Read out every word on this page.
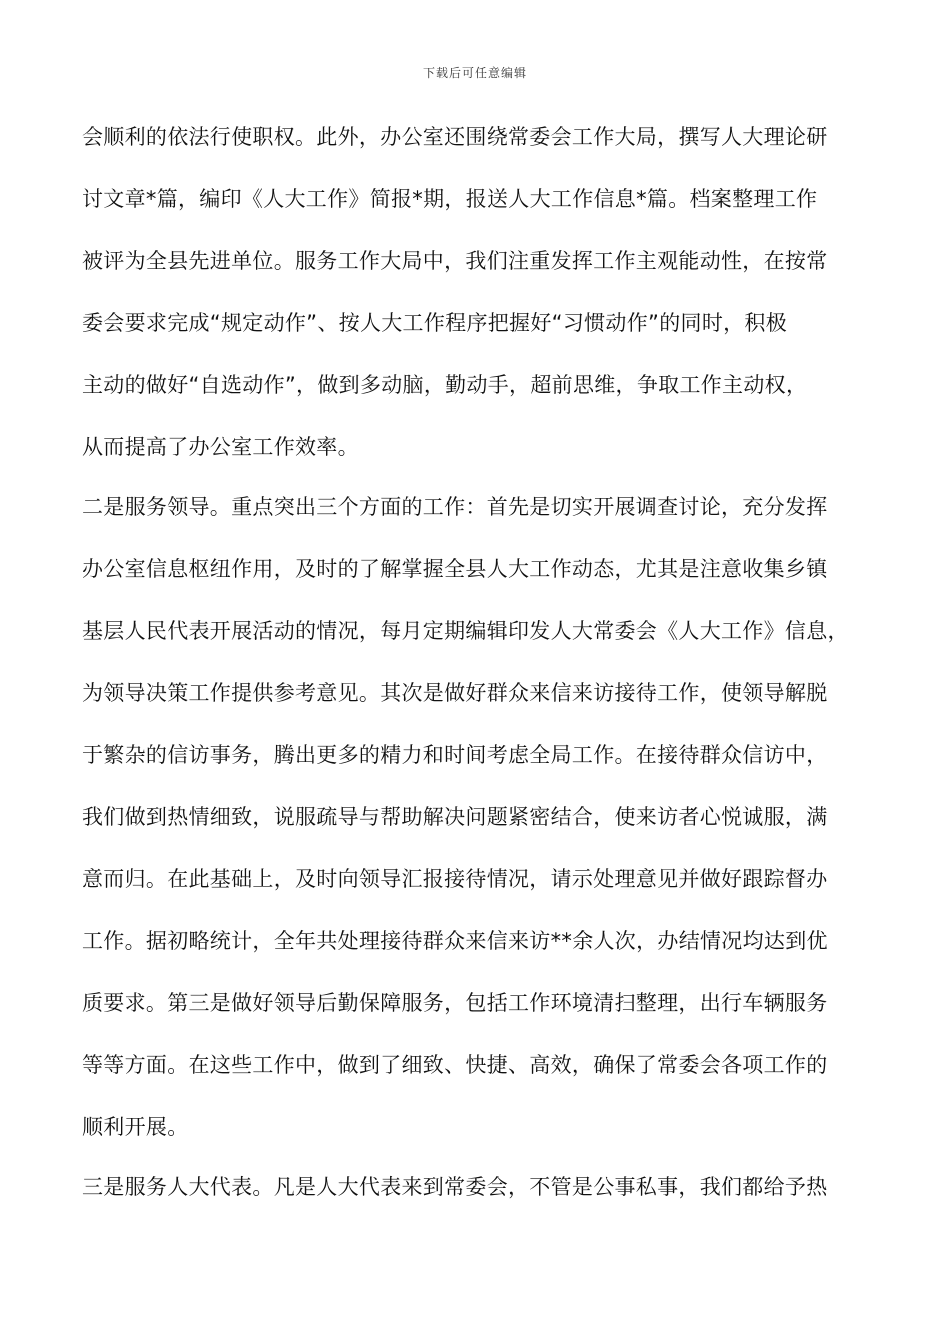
下载后可任意编辑
会顺利的依法行使职权。此外，办公室还围绕常委会工作大局，撰写人大理论研
讨文章*篇，编印《人大工作》简报*期，报送人大工作信息*篇。档案整理工作
被评为全县先进单位。服务工作大局中，我们注重发挥工作主观能动性，在按常
委会要求完成“规定动作”、按人大工作程序把握好“习惯动作”的同时，积极
主动的做好“自选动作”，做到多动脑，勤动手，超前思维，争取工作主动权，
从而提高了办公室工作效率。
二是服务领导。重点突出三个方面的工作：首先是切实开展调查讨论，充分发挥
办公室信息枢纽作用，及时的了解掌握全县人大工作动态，尤其是注意收集乡镇
基层人民代表开展活动的情况，每月定期编辑印发人大常委会《人大工作》信息，
为领导决策工作提供参考意见。其次是做好群众来信来访接待工作，使领导解脱
于繁杂的信访事务，腾出更多的精力和时间考虑全局工作。在接待群众信访中，
我们做到热情细致，说服疏导与帮助解决问题紧密结合，使来访者心悦诚服，满
意而归。在此基础上，及时向领导汇报接待情况，请示处理意见并做好跟踪督办
工作。据初略统计，全年共处理接待群众来信来访**余人次，办结情况均达到优
质要求。第三是做好领导后勤保障服务，包括工作环境清扫整理，出行车辆服务
等等方面。在这些工作中，做到了细致、快捷、高效，确保了常委会各项工作的
顺利开展。
三是服务人大代表。凡是人大代表来到常委会，不管是公事私事，我们都给予热
